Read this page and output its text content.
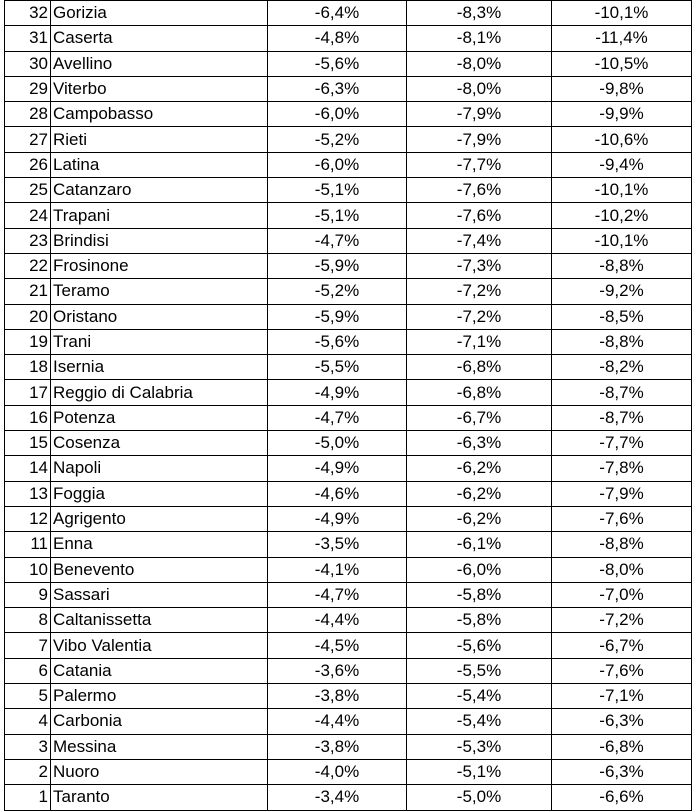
32	Gorizia	-6,4%	-8,3%	-10,1%
31	Caserta	-4,8%	-8,1%	-11,4%
30	Avellino	-5,6%	-8,0%	-10,5%
29	Viterbo	-6,3%	-8,0%	-9,8%
28	Campobasso	-6,0%	-7,9%	-9,9%
27	Rieti	-5,2%	-7,9%	-10,6%
26	Latina	-6,0%	-7,7%	-9,4%
25	Catanzaro	-5,1%	-7,6%	-10,1%
24	Trapani	-5,1%	-7,6%	-10,2%
23	Brindisi	-4,7%	-7,4%	-10,1%
22	Frosinone	-5,9%	-7,3%	-8,8%
21	Teramo	-5,2%	-7,2%	-9,2%
20	Oristano	-5,9%	-7,2%	-8,5%
19	Trani	-5,6%	-7,1%	-8,8%
18	Isernia	-5,5%	-6,8%	-8,2%
17	Reggio di Calabria	-4,9%	-6,8%	-8,7%
16	Potenza	-4,7%	-6,7%	-8,7%
15	Cosenza	-5,0%	-6,3%	-7,7%
14	Napoli	-4,9%	-6,2%	-7,8%
13	Foggia	-4,6%	-6,2%	-7,9%
12	Agrigento	-4,9%	-6,2%	-7,6%
11	Enna	-3,5%	-6,1%	-8,8%
10	Benevento	-4,1%	-6,0%	-8,0%
9	Sassari	-4,7%	-5,8%	-7,0%
8	Caltanissetta	-4,4%	-5,8%	-7,2%
7	Vibo Valentia	-4,5%	-5,6%	-6,7%
6	Catania	-3,6%	-5,5%	-7,6%
5	Palermo	-3,8%	-5,4%	-7,1%
4	Carbonia	-4,4%	-5,4%	-6,3%
3	Messina	-3,8%	-5,3%	-6,8%
2	Nuoro	-4,0%	-5,1%	-6,3%
1	Taranto	-3,4%	-5,0%	-6,6%
